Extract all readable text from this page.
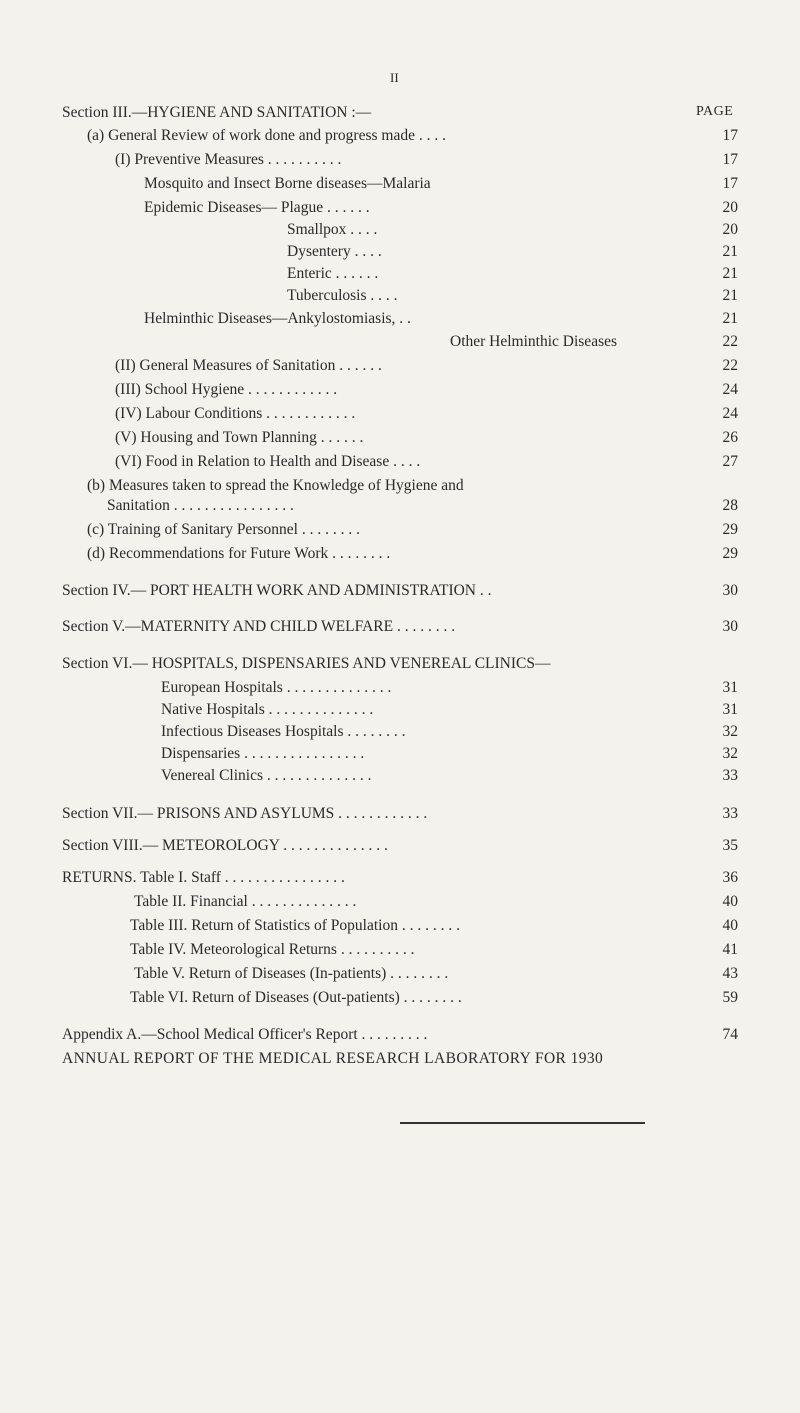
II
Section III.—HYGIENE AND SANITATION :—	PAGE
(a) General Review of work done and progress made . . . .	17
(I) Preventive Measures . . . . . . . . . .	17
Mosquito and Insect Borne diseases—Malaria	17
Epidemic Diseases— Plague . . . . . .	20
Smallpox . . . .	20
Dysentery . . . .	21
Enteric . . . . . .	21
Tuberculosis . . . .	21
Helminthic Diseases—Ankylostomiasis, . .	21
Other Helminthic Diseases	22
(II) General Measures of Sanitation . . . . . .	22
(III) School Hygiene . . . . . . . . . . . .	24
(IV) Labour Conditions . . . . . . . . . . . .	24
(V) Housing and Town Planning . . . . . .	26
(VI) Food in Relation to Health and Disease . . . .	27
(b) Measures taken to spread the Knowledge of Hygiene and
Sanitation . . . . . . . . . . . . . . . .	28
(c) Training of Sanitary Personnel . . . . . . . .	29
(d) Recommendations for Future Work . . . . . . . .	29
Section IV.— PORT HEALTH WORK AND ADMINISTRATION . .	30
Section V.—MATERNITY AND CHILD WELFARE . . . . . . . .	30
Section VI.— HOSPITALS, DISPENSARIES AND VENEREAL CLINICS—
European Hospitals . . . . . . . . . . . . . .	31
Native Hospitals . . . . . . . . . . . . . .	31
Infectious Diseases Hospitals . . . . . . . .	32
Dispensaries . . . . . . . . . . . . . . . .	32
Venereal Clinics . . . . . . . . . . . . . .	33
Section VII.— PRISONS AND ASYLUMS . . . . . . . . . . . .	33
Section VIII.— METEOROLOGY . . . . . . . . . . . . . .	35
RETURNS. Table I. Staff . . . . . . . . . . . . . . . .	36
Table II. Financial . . . . . . . . . . . . . .	40
Table III. Return of Statistics of Population . . . . . . . .	40
Table IV. Meteorological Returns . . . . . . . . . .	41
Table V. Return of Diseases (In-patients) . . . . . . . .	43
Table VI. Return of Diseases (Out-patients) . . . . . . . .	59
Appendix A.—School Medical Officer's Report . . . . . . . . .	74
ANNUAL REPORT OF THE MEDICAL RESEARCH LABORATORY FOR 1930
